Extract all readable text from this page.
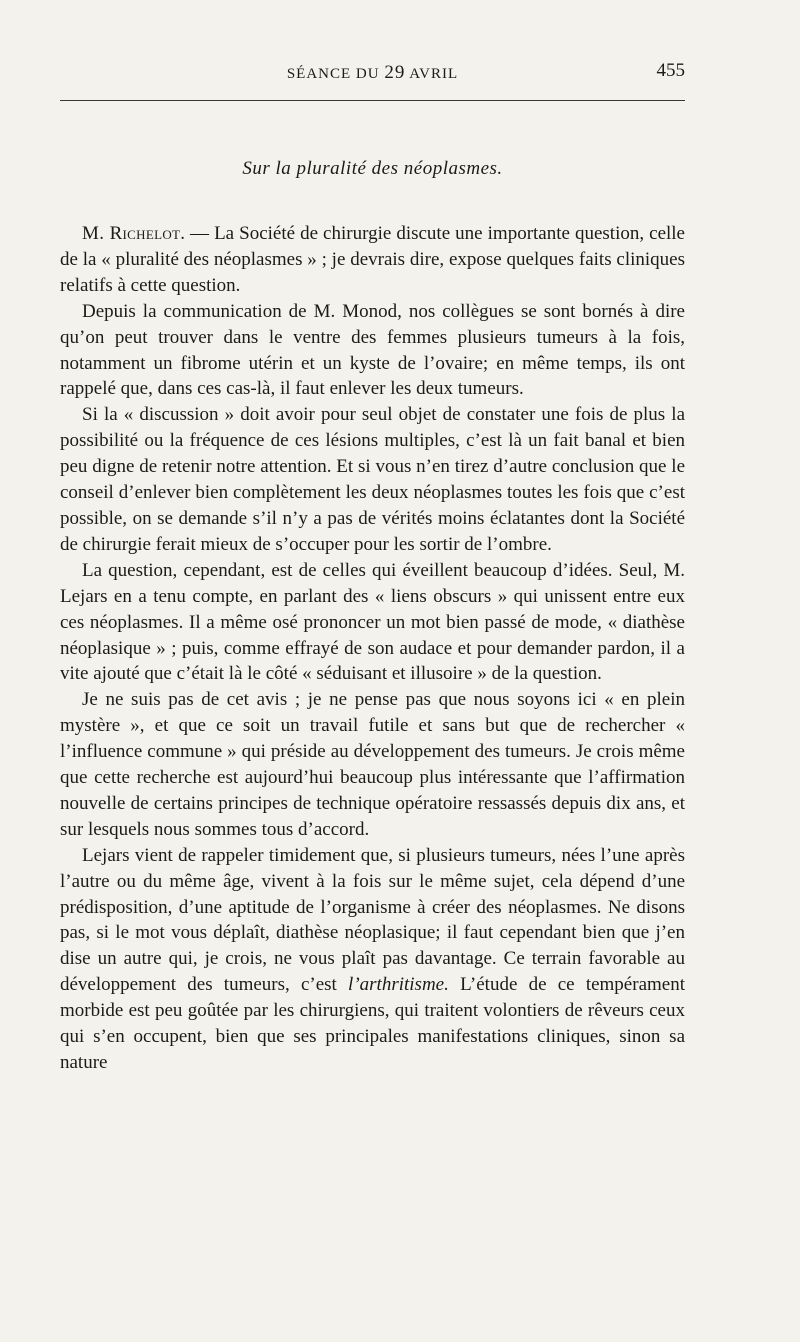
SÉANCE DU 29 AVRIL	455
Sur la pluralité des néoplasmes.

M. Richelot. — La Société de chirurgie discute une importante question, celle de la « pluralité des néoplasmes » ; je devrais dire, expose quelques faits cliniques relatifs à cette question.

Depuis la communication de M. Monod, nos collègues se sont bornés à dire qu’on peut trouver dans le ventre des femmes plusieurs tumeurs à la fois, notamment un fibrome utérin et un kyste de l’ovaire; en même temps, ils ont rappelé que, dans ces cas-là, il faut enlever les deux tumeurs.

Si la « discussion » doit avoir pour seul objet de constater une fois de plus la possibilité ou la fréquence de ces lésions multiples, c’est là un fait banal et bien peu digne de retenir notre attention. Et si vous n’en tirez d’autre conclusion que le conseil d’enlever bien complètement les deux néoplasmes toutes les fois que c’est possible, on se demande s’il n’y a pas de vérités moins éclatantes dont la Société de chirurgie ferait mieux de s’occuper pour les sortir de l’ombre.

La question, cependant, est de celles qui éveillent beaucoup d’idées. Seul, M. Lejars en a tenu compte, en parlant des « liens obscurs » qui unissent entre eux ces néoplasmes. Il a même osé prononcer un mot bien passé de mode, « diathèse néoplasique » ; puis, comme effrayé de son audace et pour demander pardon, il a vite ajouté que c’était là le côté « séduisant et illusoire » de la question.

Je ne suis pas de cet avis ; je ne pense pas que nous soyons ici « en plein mystère », et que ce soit un travail futile et sans but que de rechercher « l’influence commune » qui préside au développement des tumeurs. Je crois même que cette recherche est aujourd’hui beaucoup plus intéressante que l’affirmation nouvelle de certains principes de technique opératoire ressassés depuis dix ans, et sur lesquels nous sommes tous d’accord.

Lejars vient de rappeler timidement que, si plusieurs tumeurs, nées l’une après l’autre ou du même âge, vivent à la fois sur le même sujet, cela dépend d’une prédisposition, d’une aptitude de l’organisme à créer des néoplasmes. Ne disons pas, si le mot vous déplaît, diathèse néoplasique; il faut cependant bien que j’en dise un autre qui, je crois, ne vous plaît pas davantage. Ce terrain favorable au développement des tumeurs, c’est l’arthritisme. L’étude de ce tempérament morbide est peu goûtée par les chirurgiens, qui traitent volontiers de rêveurs ceux qui s’en occupent, bien que ses principales manifestations cliniques, sinon sa nature
